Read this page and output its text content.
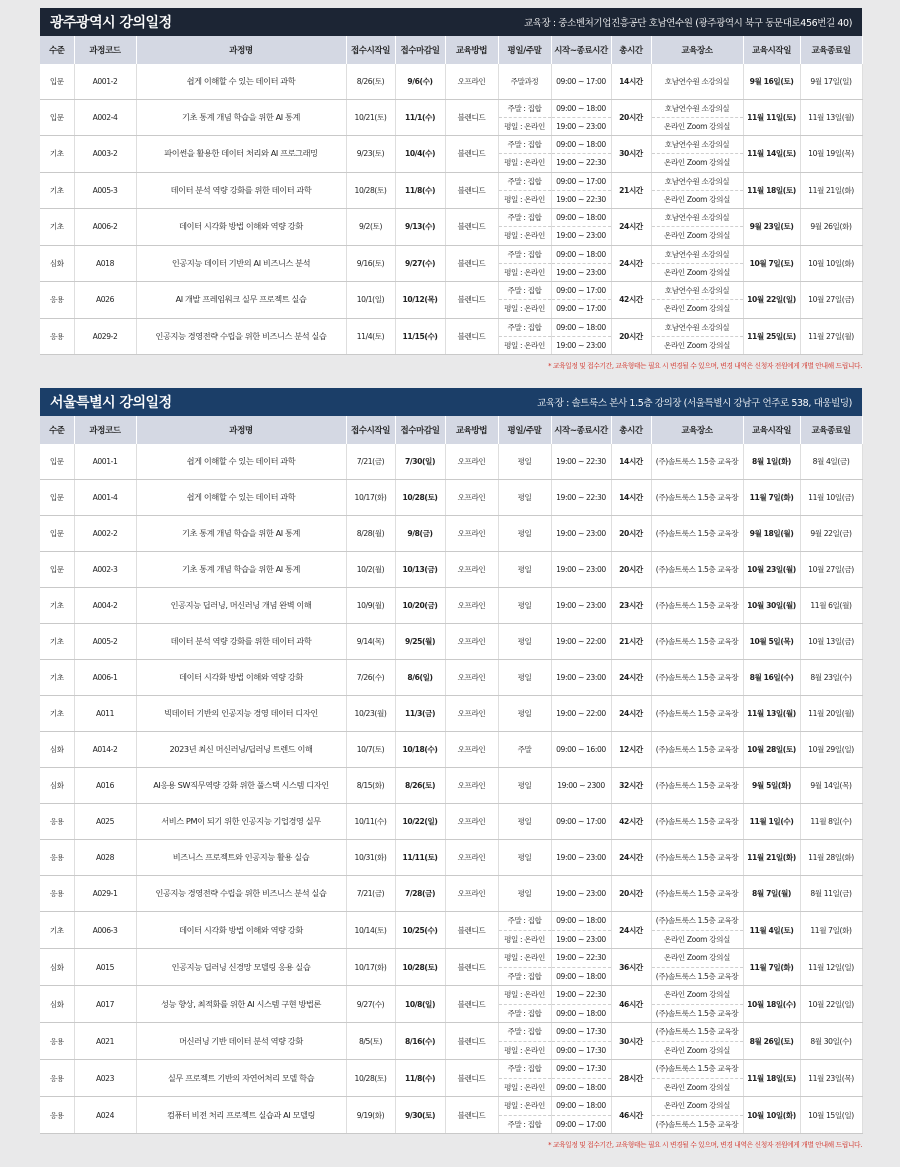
광주광역시 강의일정	교육장 : 중소벤처기업진흥공단 호남연수원 (광주광역시 북구 동문대로456번길 40)
수준	과정코드	과정명	접수시작일	접수마감일	교육방법	평일/주말	시작~종료시간	총시간	교육장소	교육시작일	교육종료일
입문	A001-2	쉽게 이해할 수 있는 데이터 과학	8/26(토)	9/6(수)	오프라인	주말과정	09:00 ~ 17:00	14시간	호남연수원 소강의실	9월 16일(토)	9월 17일(일)
입문	A002-4	기초 통계 개념 학습을 위한 AI 통계	10/21(토)	11/1(수)	블렌디드	주말 : 집합	09:00 ~ 18:00	20시간	호남연수원 소강의실	11월 11일(토)	11월 13일(월)
						평일 : 온라인	19:00 ~ 23:00		온라인 Zoom 강의실		
기초	A003-2	파이썬을 활용한 데이터 처리와 AI 프로그래밍	9/23(토)	10/4(수)	블렌디드	주말 : 집합	09:00 ~ 18:00	30시간	호남연수원 소강의실	11월 14일(토)	10월 19일(목)
						평일 : 온라인	19:00 ~ 22:30		온라인 Zoom 강의실		
기초	A005-3	데이터 분석 역량 강화를 위한 데이터 과학	10/28(토)	11/8(수)	블렌디드	주말 : 집합	09:00 ~ 17:00	21시간	호남연수원 소강의실	11월 18일(토)	11월 21일(화)
						평일 : 온라인	19:00 ~ 22:30		온라인 Zoom 강의실		
기초	A006-2	데이터 시각화 방법 이해와 역량 강화	9/2(토)	9/13(수)	블렌디드	주말 : 집합	09:00 ~ 18:00	24시간	호남연수원 소강의실	9월 23일(토)	9월 26일(화)
						평일 : 온라인	19:00 ~ 23:00		온라인 Zoom 강의실		
심화	A018	인공지능 데이터 기반의 AI 비즈니스 분석	9/16(토)	9/27(수)	블렌디드	주말 : 집합	09:00 ~ 18:00	24시간	호남연수원 소강의실	10월 7일(토)	10월 10일(화)
						평일 : 온라인	19:00 ~ 23:00		온라인 Zoom 강의실		
응용	A026	AI 개발 프레임워크 실무 프로젝트 실습	10/1(일)	10/12(목)	블렌디드	주말 : 집합	09:00 ~ 17:00	42시간	호남연수원 소강의실	10월 22일(일)	10월 27일(금)
						평일 : 온라인	09:00 ~ 17:00		온라인 Zoom 강의실		
응용	A029-2	인공지능 경영전략 수립을 위한 비즈니스 분석 실습	11/4(토)	11/15(수)	블렌디드	주말 : 집합	09:00 ~ 18:00	20시간	호남연수원 소강의실	11월 25일(토)	11월 27일(월)
						평일 : 온라인	19:00 ~ 23:00		온라인 Zoom 강의실		
* 교육일정 및 접수기간, 교육형태는 필요 시 변경될 수 있으며, 변경 내역은 신청자 전원에게 개별 안내해 드립니다.
서울특별시 강의일정	교육장 : 솔트룩스 본사 1.5층 강의장 (서울특별시 강남구 언주로 538, 대웅빌딩)
수준	과정코드	과정명	접수시작일	접수마감일	교육방법	평일/주말	시작~종료시간	총시간	교육장소	교육시작일	교육종료일
입문	A001-1	쉽게 이해할 수 있는 데이터 과학	7/21(금)	7/30(일)	오프라인	평일	19:00 ~ 22:30	14시간	(주)솔트룩스 1.5층 교육장	8월 1일(화)	8월 4일(금)
입문	A001-4	쉽게 이해할 수 있는 데이터 과학	10/17(화)	10/28(토)	오프라인	평일	19:00 ~ 22:30	14시간	(주)솔트룩스 1.5층 교육장	11월 7일(화)	11월 10일(금)
입문	A002-2	기초 통계 개념 학습을 위한 AI 통계	8/28(월)	9/8(금)	오프라인	평일	19:00 ~ 23:00	20시간	(주)솔트룩스 1.5층 교육장	9월 18일(월)	9월 22일(금)
입문	A002-3	기초 통계 개념 학습을 위한 AI 통계	10/2(월)	10/13(금)	오프라인	평일	19:00 ~ 23:00	20시간	(주)솔트룩스 1.5층 교육장	10월 23일(월)	10월 27일(금)
기초	A004-2	인공지능 딥러닝, 머신러닝 개념 완벽 이해	10/9(월)	10/20(금)	오프라인	평일	19:00 ~ 23:00	23시간	(주)솔트룩스 1.5층 교육장	10월 30일(월)	11월 6일(월)
기초	A005-2	데이터 분석 역량 강화를 위한 데이터 과학	9/14(목)	9/25(월)	오프라인	평일	19:00 ~ 22:00	21시간	(주)솔트룩스 1.5층 교육장	10월 5일(목)	10월 13일(금)
기초	A006-1	데이터 시각화 방법 이해와 역량 강화	7/26(수)	8/6(일)	오프라인	평일	19:00 ~ 23:00	24시간	(주)솔트룩스 1.5층 교육장	8월 16일(수)	8월 23일(수)
기초	A011	빅데이터 기반의 인공지능 경영 데이터 디자인	10/23(월)	11/3(금)	오프라인	평일	19:00 ~ 22:00	24시간	(주)솔트룩스 1.5층 교육장	11월 13일(월)	11월 20일(월)
심화	A014-2	2023년 최신 머신러닝/딥러닝 트렌드 이해	10/7(토)	10/18(수)	오프라인	주말	09:00 ~ 16:00	12시간	(주)솔트룩스 1.5층 교육장	10월 28일(토)	10월 29일(일)
심화	A016	AI응용 SW직무역량 강화 위한 풀스택 시스템 디자인	8/15(화)	8/26(토)	오프라인	평일	19:00 ~ 2300	32시간	(주)솔트룩스 1.5층 교육장	9월 5일(화)	9월 14일(목)
응용	A025	서비스 PM이 되기 위한 인공지능 기업경영 실무	10/11(수)	10/22(일)	오프라인	평일	09:00 ~ 17:00	42시간	(주)솔트룩스 1.5층 교육장	11월 1일(수)	11월 8일(수)
응용	A028	비즈니스 프로젝트와 인공지능 활용 실습	10/31(화)	11/11(토)	오프라인	평일	19:00 ~ 23:00	24시간	(주)솔트룩스 1.5층 교육장	11월 21일(화)	11월 28일(화)
응용	A029-1	인공지능 경영전략 수립을 위한 비즈니스 분석 실습	7/21(금)	7/28(금)	오프라인	평일	19:00 ~ 23:00	20시간	(주)솔트룩스 1.5층 교육장	8월 7일(월)	8월 11일(금)
기초	A006-3	데이터 시각화 방법 이해와 역량 강화	10/14(토)	10/25(수)	블렌디드	주말 : 집합	09:00 ~ 18:00	24시간	(주)솔트룩스 1.5층 교육장	11월 4일(토)	11월 7일(화)
						평일 : 온라인	19:00 ~ 23:00		온라인 Zoom 강의실		
심화	A015	인공지능 딥러닝 신경망 모델링 응용 실습	10/17(화)	10/28(토)	블렌디드	평일 : 온라인	19:00 ~ 22:30	36시간	온라인 Zoom 강의실	11월 7일(화)	11월 12일(일)
						주말 : 집합	09:00 ~ 18:00		(주)솔트룩스 1.5층 교육장		
심화	A017	성능 향상, 최적화를 위한 AI 시스템 구현 방법론	9/27(수)	10/8(일)	블렌디드	평일 : 온라인	19:00 ~ 22:30	46시간	온라인 Zoom 강의실	10월 18일(수)	10월 22일(일)
						주말 : 집합	09:00 ~ 18:00		(주)솔트룩스 1.5층 교육장		
응용	A021	머신러닝 기반 데이터 분석 역량 강화	8/5(토)	8/16(수)	블렌디드	주말 : 집합	09:00 ~ 17:30	30시간	(주)솔트룩스 1.5층 교육장	8월 26일(토)	8월 30일(수)
						평일 : 온라인	09:00 ~ 17:30		온라인 Zoom 강의실		
응용	A023	실무 프로젝트 기반의 자연어처리 모델 학습	10/28(토)	11/8(수)	블렌디드	주말 : 집합	09:00 ~ 17:30	28시간	(주)솔트룩스 1.5층 교육장	11월 18일(토)	11월 23일(목)
						평일 : 온라인	09:00 ~ 18:00		온라인 Zoom 강의실		
응용	A024	컴퓨터 비전 처리 프로젝트 실습과 AI 모델링	9/19(화)	9/30(토)	블렌디드	평일 : 온라인	09:00 ~ 18:00	46시간	온라인 Zoom 강의실	10월 10일(화)	10월 15일(일)
						주말 : 집합	09:00 ~ 17:00		(주)솔트룩스 1.5층 교육장		
* 교육일정 및 접수기간, 교육형태는 필요 시 변경될 수 있으며, 변경 내역은 신청자 전원에게 개별 안내해 드립니다.
